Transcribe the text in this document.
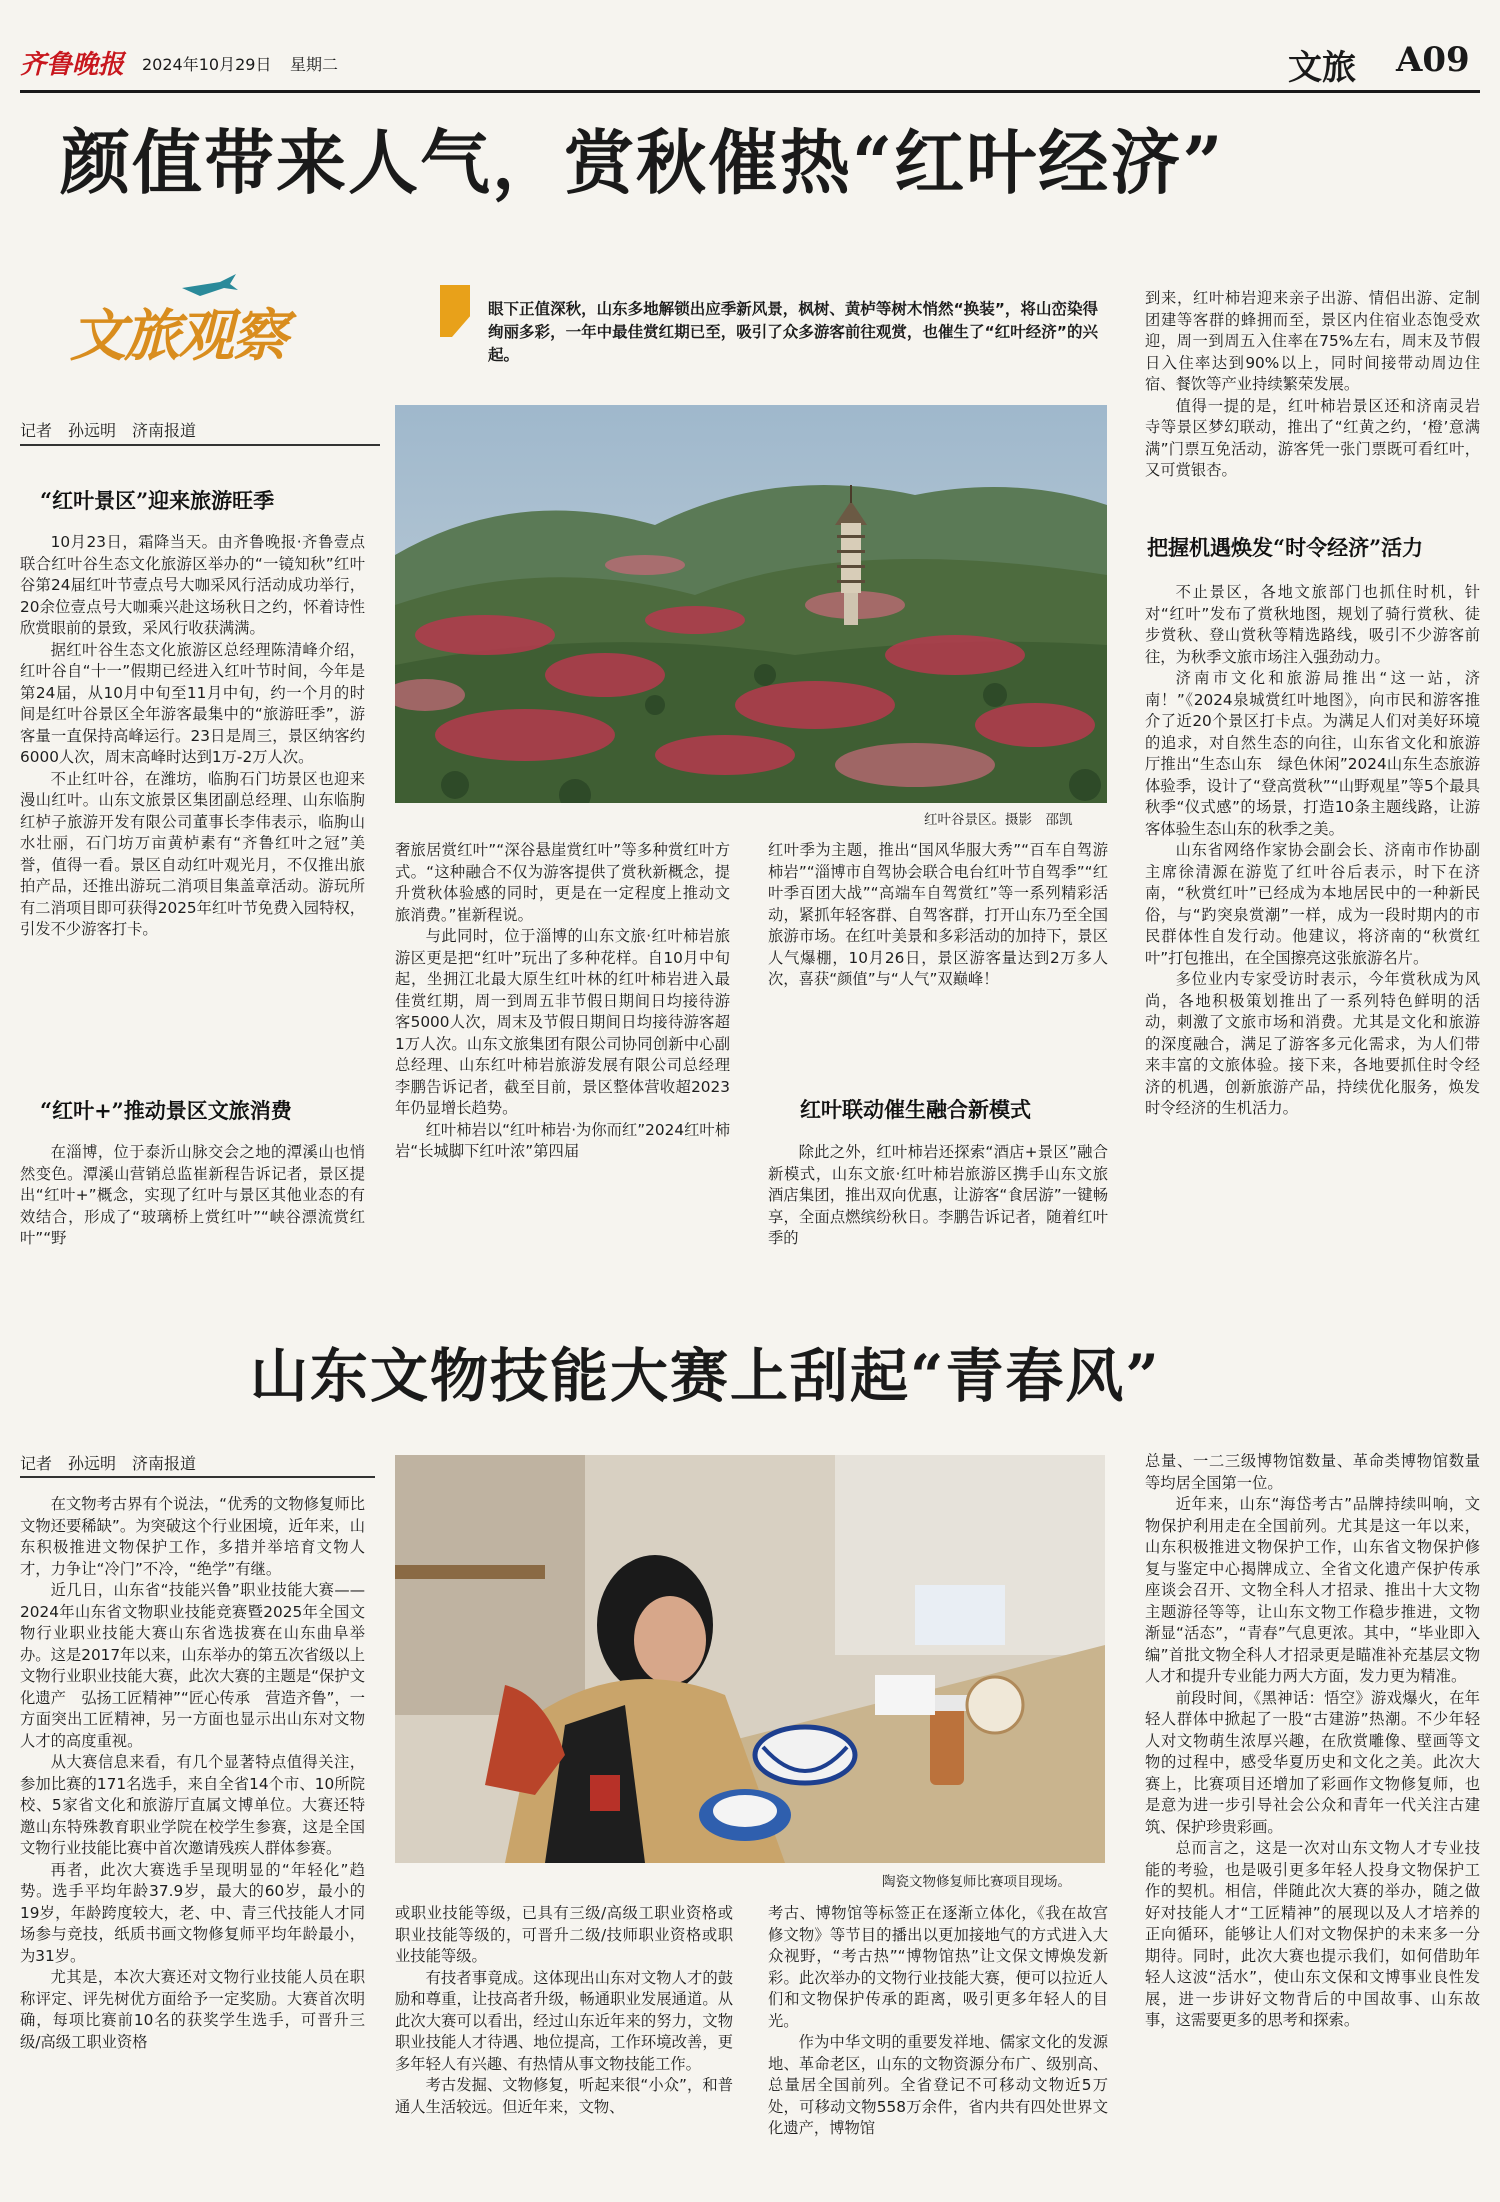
齐鲁晚报 2024年10月29日 星期二	文旅 A09
颜值带来人气，赏秋催热“红叶经济”
文旅观察
记者　孙远明　济南报道
眼下正值深秋，山东多地解锁出应季新风景，枫树、黄栌等树木悄然“换装”，将山峦染得绚丽多彩，一年中最佳赏红期已至，吸引了众多游客前往观赏，也催生了“红叶经济”的兴起。
红叶谷景区。摄影　邵凯
“红叶景区”迎来旅游旺季

10月23日，霜降当天。由齐鲁晚报·齐鲁壹点联合红叶谷生态文化旅游区举办的“一镜知秋”红叶谷第24届红叶节壹点号大咖采风行活动成功举行，20余位壹点号大咖乘兴赴这场秋日之约，怀着诗性欣赏眼前的景致，采风行收获满满。

据红叶谷生态文化旅游区总经理陈清峰介绍，红叶谷自“十一”假期已经进入红叶节时间，今年是第24届，从10月中旬至11月中旬，约一个月的时间是红叶谷景区全年游客最集中的“旅游旺季”，游客量一直保持高峰运行。23日是周三，景区纳客约6000人次，周末高峰时达到1万-2万人次。

不止红叶谷，在潍坊，临朐石门坊景区也迎来漫山红叶。山东文旅景区集团副总经理、山东临朐红栌子旅游开发有限公司董事长李伟表示，临朐山水壮丽，石门坊万亩黄栌素有“齐鲁红叶之冠”美誉，值得一看。景区自动红叶观光月，不仅推出旅拍产品，还推出游玩二消项目集盖章活动。游玩所有二消项目即可获得2025年红叶节免费入园特权，引发不少游客打卡。

“红叶+”推动景区文旅消费

在淄博，位于泰沂山脉交会之地的潭溪山也悄然变色。潭溪山营销总监崔新程告诉记者，景区提出“红叶+”概念，实现了红叶与景区其他业态的有效结合，形成了“玻璃桥上赏红叶”“峡谷漂流赏红叶”“野

奢旅居赏红叶”“深谷悬崖赏红叶”等多种赏红叶方式。“这种融合不仅为游客提供了赏秋新概念，提升赏秋体验感的同时，更是在一定程度上推动文旅消费。”崔新程说。

与此同时，位于淄博的山东文旅·红叶柿岩旅游区更是把“红叶”玩出了多种花样。自10月中旬起，坐拥江北最大原生红叶林的红叶柿岩进入最佳赏红期，周一到周五非节假日期间日均接待游客5000人次，周末及节假日期间日均接待游客超1万人次。山东文旅集团有限公司协同创新中心副总经理、山东红叶柿岩旅游发展有限公司总经理李鹏告诉记者，截至目前，景区整体营收超2023年仍显增长趋势。

红叶柿岩以“红叶柿岩·为你而红”2024红叶柿岩“长城脚下红叶浓”第四届

红叶季为主题，推出“国风华服大秀”“百车自驾游柿岩”“淄博市自驾协会联合电台红叶节自驾季”“红叶季百团大战”“高端车自驾赏红”等一系列精彩活动，紧抓年轻客群、自驾客群，打开山东乃至全国旅游市场。在红叶美景和多彩活动的加持下，景区人气爆棚，10月26日，景区游客量达到2万多人次，喜获“颜值”与“人气”双巅峰！

红叶联动催生融合新模式

除此之外，红叶柿岩还探索“酒店+景区”融合新模式，山东文旅·红叶柿岩旅游区携手山东文旅酒店集团，推出双向优惠，让游客“食居游”一键畅享，全面点燃缤纷秋日。李鹏告诉记者，随着红叶季的

到来，红叶柿岩迎来亲子出游、情侣出游、定制团建等客群的蜂拥而至，景区内住宿业态饱受欢迎，周一到周五入住率在75%左右，周末及节假日入住率达到90%以上，同时间接带动周边住宿、餐饮等产业持续繁荣发展。

值得一提的是，红叶柿岩景区还和济南灵岩寺等景区梦幻联动，推出了“红黄之约，‘橙’意满满”门票互免活动，游客凭一张门票既可看红叶，又可赏银杏。

把握机遇焕发“时令经济”活力

不止景区，各地文旅部门也抓住时机，针对“红叶”发布了赏秋地图，规划了骑行赏秋、徒步赏秋、登山赏秋等精选路线，吸引不少游客前往，为秋季文旅市场注入强劲动力。

济南市文化和旅游局推出“这一站，济南！”《2024泉城赏红叶地图》，向市民和游客推介了近20个景区打卡点。为满足人们对美好环境的追求，对自然生态的向往，山东省文化和旅游厅推出“生态山东　绿色休闲”2024山东生态旅游体验季，设计了“登高赏秋”“山野观星”等5个最具秋季“仪式感”的场景，打造10条主题线路，让游客体验生态山东的秋季之美。

山东省网络作家协会副会长、济南市作协副主席徐清源在游览了红叶谷后表示，时下在济南，“秋赏红叶”已经成为本地居民中的一种新民俗，与“趵突泉赏潮”一样，成为一段时期内的市民群体性自发行动。他建议，将济南的“秋赏红叶”打包推出，在全国擦亮这张旅游名片。

多位业内专家受访时表示，今年赏秋成为风尚，各地积极策划推出了一系列特色鲜明的活动，刺激了文旅市场和消费。尤其是文化和旅游的深度融合，满足了游客多元化需求，为人们带来丰富的文旅体验。接下来，各地要抓住时令经济的机遇，创新旅游产品，持续优化服务，焕发时令经济的生机活力。

山东文物技能大赛上刮起“青春风”
记者　孙远明　济南报道
陶瓷文物修复师比赛项目现场。

在文物考古界有个说法，“优秀的文物修复师比文物还要稀缺”。为突破这个行业困境，近年来，山东积极推进文物保护工作，多措并举培育文物人才，力争让“冷门”不冷，“绝学”有继。

近几日，山东省“技能兴鲁”职业技能大赛——2024年山东省文物职业技能竞赛暨2025年全国文物行业职业技能大赛山东省选拔赛在山东曲阜举办。这是2017年以来，山东举办的第五次省级以上文物行业职业技能大赛，此次大赛的主题是“保护文化遗产　弘扬工匠精神”“匠心传承　营造齐鲁”，一方面突出工匠精神，另一方面也显示出山东对文物人才的高度重视。

从大赛信息来看，有几个显著特点值得关注，参加比赛的171名选手，来自全省14个市、10所院校、5家省文化和旅游厅直属文博单位。大赛还特邀山东特殊教育职业学院在校学生参赛，这是全国文物行业技能比赛中首次邀请残疾人群体参赛。

再者，此次大赛选手呈现明显的“年轻化”趋势。选手平均年龄37.9岁，最大的60岁，最小的19岁，年龄跨度较大，老、中、青三代技能人才同场参与竞技，纸质书画文物修复师平均年龄最小，为31岁。

尤其是，本次大赛还对文物行业技能人员在职称评定、评先树优方面给予一定奖励。大赛首次明确，每项比赛前10名的获奖学生选手，可晋升三级/高级工职业资格

或职业技能等级，已具有三级/高级工职业资格或职业技能等级的，可晋升二级/技师职业资格或职业技能等级。

有技者事竟成。这体现出山东对文物人才的鼓励和尊重，让技高者升级，畅通职业发展通道。从此次大赛可以看出，经过山东近年来的努力，文物职业技能人才待遇、地位提高，工作环境改善，更多年轻人有兴趣、有热情从事文物技能工作。

考古发掘、文物修复，听起来很“小众”，和普通人生活较远。但近年来，文物、

考古、博物馆等标签正在逐渐立体化，《我在故宫修文物》等节目的播出以更加接地气的方式进入大众视野，“考古热”“博物馆热”让文保文博焕发新彩。此次举办的文物行业技能大赛，便可以拉近人们和文物保护传承的距离，吸引更多年轻人的目光。

作为中华文明的重要发祥地、儒家文化的发源地、革命老区，山东的文物资源分布广、级别高、总量居全国前列。全省登记不可移动文物近5万处，可移动文物558万余件，省内共有四处世界文化遗产，博物馆

总量、一二三级博物馆数量、革命类博物馆数量等均居全国第一位。

近年来，山东“海岱考古”品牌持续叫响，文物保护利用走在全国前列。尤其是这一年以来，山东积极推进文物保护工作，山东省文物保护修复与鉴定中心揭牌成立、全省文化遗产保护传承座谈会召开、文物全科人才招录、推出十大文物主题游径等等，让山东文物工作稳步推进，文物渐显“活态”，“青春”气息更浓。其中，“毕业即入编”首批文物全科人才招录更是瞄准补充基层文物人才和提升专业能力两大方面，发力更为精准。

前段时间，《黑神话：悟空》游戏爆火，在年轻人群体中掀起了一股“古建游”热潮。不少年轻人对文物萌生浓厚兴趣，在欣赏雕像、壁画等文物的过程中，感受华夏历史和文化之美。此次大赛上，比赛项目还增加了彩画作文物修复师，也是意为进一步引导社会公众和青年一代关注古建筑、保护珍贵彩画。

总而言之，这是一次对山东文物人才专业技能的考验，也是吸引更多年轻人投身文物保护工作的契机。相信，伴随此次大赛的举办，随之做好对技能人才“工匠精神”的展现以及人才培养的正向循环，能够让人们对文物保护的未来多一分期待。同时，此次大赛也提示我们，如何借助年轻人这波“活水”，使山东文保和文博事业良性发展，进一步讲好文物背后的中国故事、山东故事，这需要更多的思考和探索。
